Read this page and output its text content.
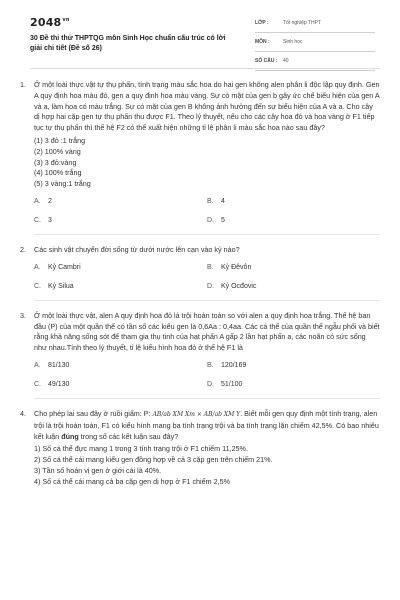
$2048^{vn}$
30 Đề thi thử THPTQG môn Sinh Học chuẩn cấu trúc có lời giải chi tiết (Đề số 26)
LỚP :	Tốt nghiệp THPT
MÔN :	Sinh học
SỐ CÂU :	40
1.	Ở một loài thực vật tự thụ phấn, tính trạng màu sắc hoa do hai gen không alen phân li độc lập quy định. Gen A quy định hoa màu đỏ, gen a quy định hoa màu vàng. Sự có mặt của gen b gây ức chế biểu hiện của gen A và a, làm hoa có màu trắng. Sự có mặt của gen B không ảnh hưởng đến sự biểu hiện của A và a. Cho cây dị hợp hai cặp gen tự thụ phấn thu được F1. Theo lý thuyết, nếu cho các cây hoa đỏ và hoa vàng ở F1 tiếp tục tự thụ phấn thì thế hệ F2 có thể xuất hiện những tỉ lệ phân li màu sắc hoa nào sau đây?
(1) 3 đỏ :1 trắng
(2) 100% vàng
(3) 3 đỏ:vàng
(4) 100% trắng
(5) 3 vàng:1 trắng
A.	2	B.	4
C.	3	D.	5
2.	Các sinh vật chuyển đời sống từ dưới nước lên cạn vào kỷ nào?
A.	Kỷ Cambri	B.	Kỷ Đêvôn
C.	Kỷ Silua	D.	Kỷ Ocđovic
3.	Ở một loài thực vật, alen A quy định hoa đỏ là trội hoàn toàn so với alen a quy định hoa trắng. Thế hệ ban đầu (P) của một quần thể có tần số các kiểu gen là 0,6Aa : 0,4aa. Các cá thể của quần thể ngẫu phối và biết rằng khả năng sống sót để tham gia thụ tinh của hạt phấn A gấp 2 lần hạt phấn a, các noãn có sức sống như nhau.Tính theo lý thuyết, tỉ lệ kiểu hình hoa đỏ ở thế hệ F1 là
A.	81/130	B.	120/169
C.	49/130	D.	51/100
4.	Cho phép lai sau đây ở ruồi giấm: P: AB/ab XM Xm × AB/ab XM Y. Biết mỗi gen quy định một tính trạng, alen trội là trội hoàn toàn, F1 có kiểu hình mang ba tính trạng trội và ba tính trạng lặn chiếm 42,5%. Có bao nhiêu kết luận đúng trong số các kết luận sau đây?
1) Số cá thể đực mang 1 trong 3 tính trạng trội ở F1 chiếm 11,25%.
2) Số cá thể cái mang kiểu gen đồng hợp về cả 3 cặp gen trên chiếm 21%.
3) Tần số hoán vị gen ở giới cái là 40%.
4) Số cá thể cái mang cả ba cặp gen dị hợp ở F1 chiếm 2,5%
